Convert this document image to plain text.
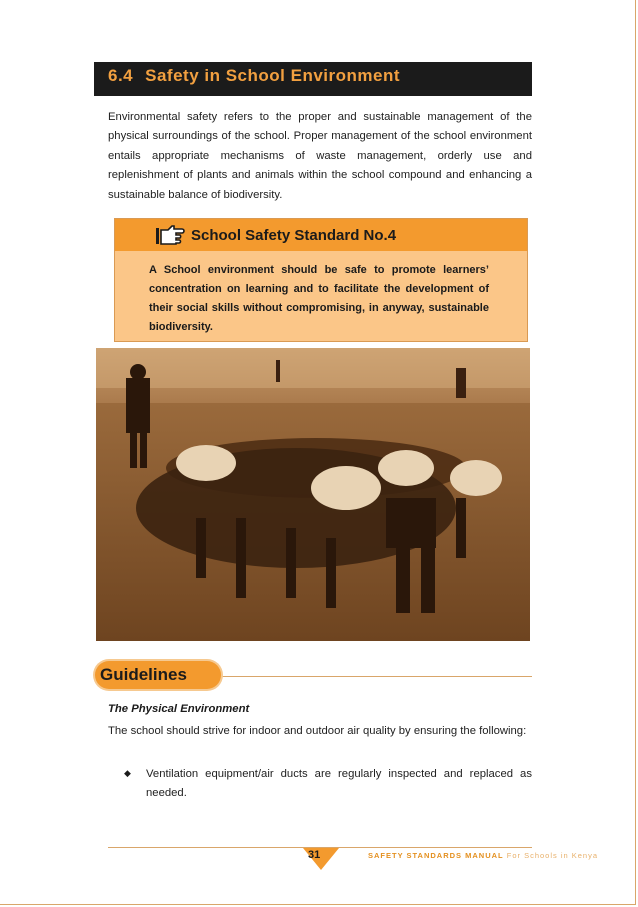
6.4 Safety in School Environment

Environmental safety refers to the proper and sustainable management of the physical surroundings of the school. Proper management of the school environment entails appropriate mechanisms of waste management, orderly use and replenishment of plants and animals within the school compound and enhancing a sustainable balance of biodiversity.

School Safety Standard No.4

A School environment should be safe to promote learners’ concentration on learning and to facilitate the development of their social skills without compromising, in anyway, sustainable biodiversity.

Guidelines
The Physical Environment

The school should strive for indoor and outdoor air quality by ensuring the following:

◆ Ventilation equipment/air ducts are regularly inspected and replaced as needed.

31	SAFETY STANDARDS MANUAL For Schools in Kenya
